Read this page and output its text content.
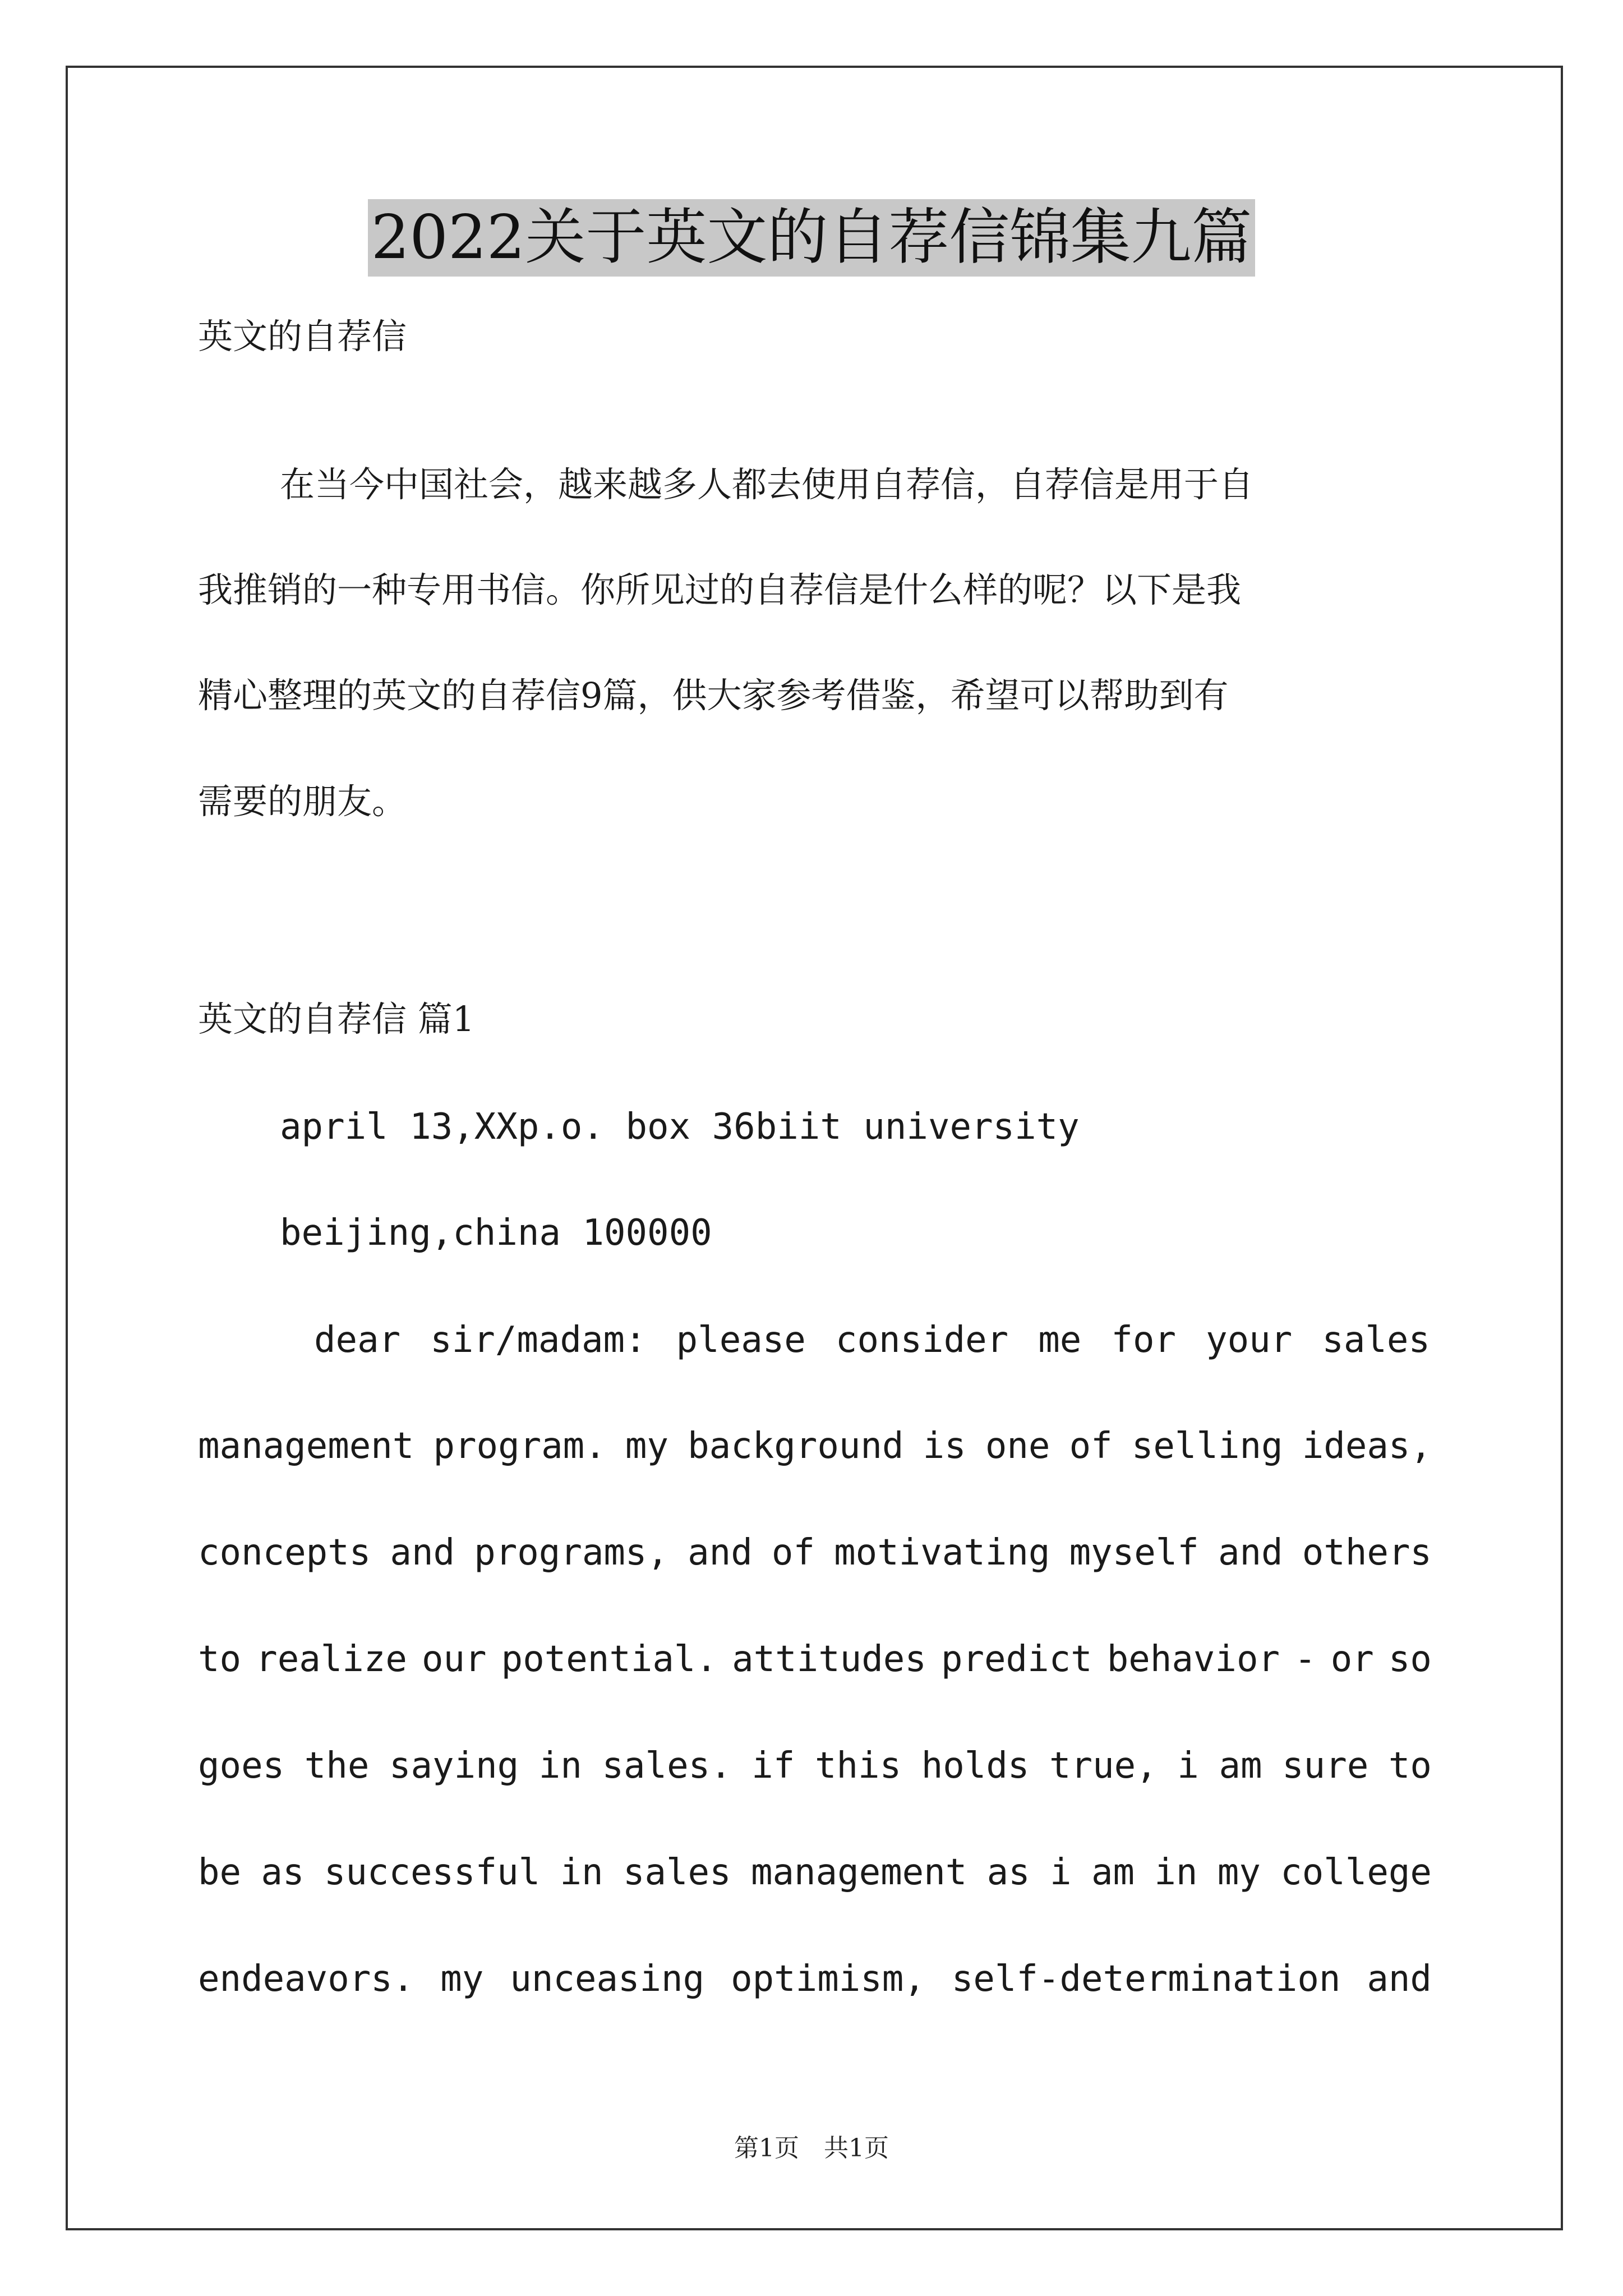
2022关于英文的自荐信锦集九篇
英文的自荐信
在当今中国社会，越来越多人都去使用自荐信，自荐信是用于自
我推销的一种专用书信。你所见过的自荐信是什么样的呢？以下是我
精心整理的英文的自荐信9篇，供大家参考借鉴，希望可以帮助到有
需要的朋友。
英文的自荐信 篇1
april 13,XXp.o. box 36biit university
beijing,china 100000
dear sir/madam: please consider me for your sales
management program. my background is one of selling ideas,
concepts and programs, and of motivating myself and others
to realize our potential. attitudes predict behavior - or so
goes the saying in sales. if this holds true, i am sure to
be as successful in sales management as i am in my college
endeavors. my unceasing optimism, self-determination and
第1页　共1页
